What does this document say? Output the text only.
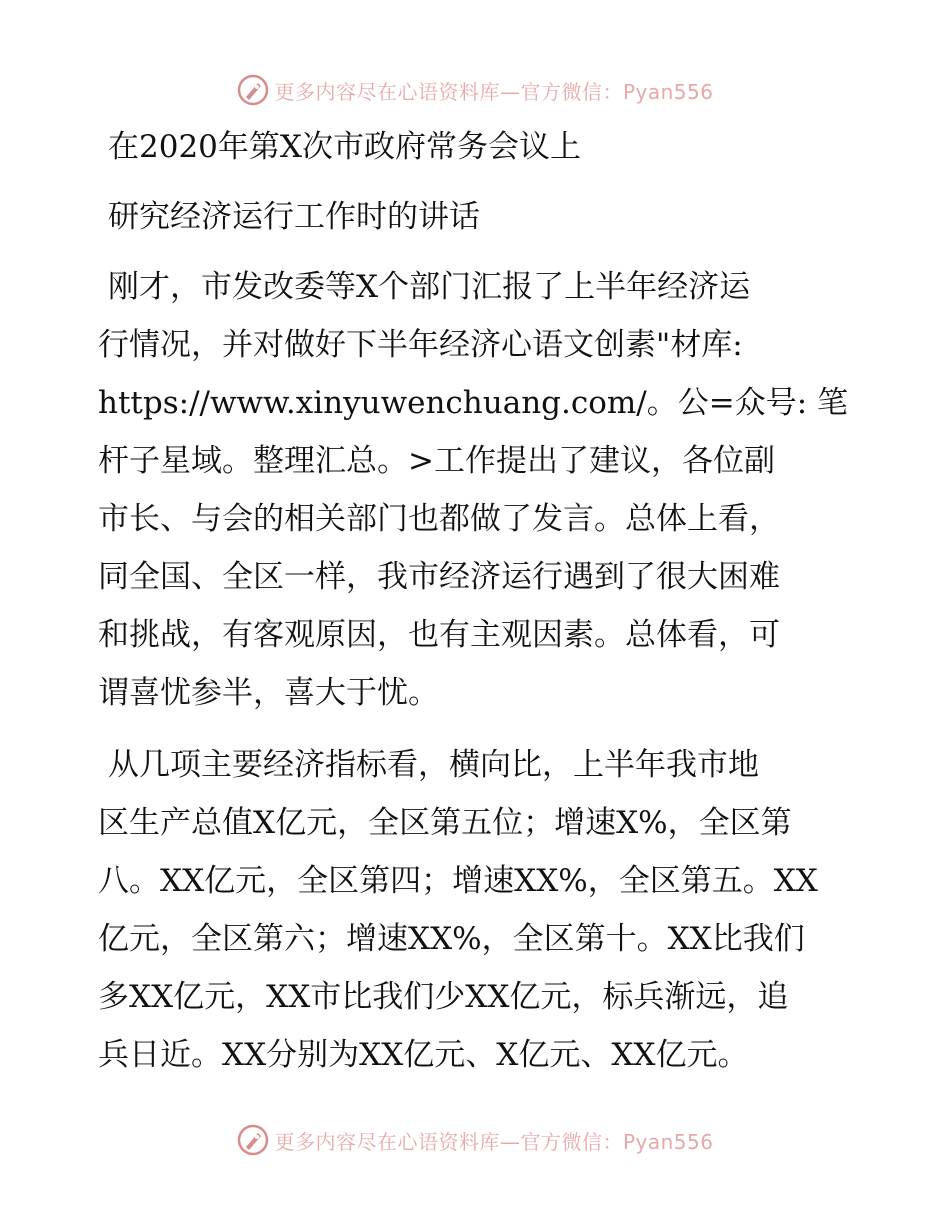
更多内容尽在心语资料库—官方微信：Pyan556
在2020年第X次市政府常务会议上
研究经济运行工作时的讲话
刚才，市发改委等X个部门汇报了上半年经济运
行情况，并对做好下半年经济心语文创素"材库:
https://www.xinyuwenchuang.com/。公=众号: 笔
杆子星域。整理汇总。>工作提出了建议，各位副
市长、与会的相关部门也都做了发言。总体上看，
同全国、全区一样，我市经济运行遇到了很大困难
和挑战，有客观原因，也有主观因素。总体看，可
谓喜忧参半，喜大于忧。
从几项主要经济指标看，横向比，上半年我市地
区生产总值X亿元，全区第五位；增速X%，全区第
八。XX亿元，全区第四；增速XX%，全区第五。XX
亿元，全区第六；增速XX%，全区第十。XX比我们
多XX亿元，XX市比我们少XX亿元，标兵渐远，追
兵日近。XX分别为XX亿元、X亿元、XX亿元。
更多内容尽在心语资料库—官方微信：Pyan556
